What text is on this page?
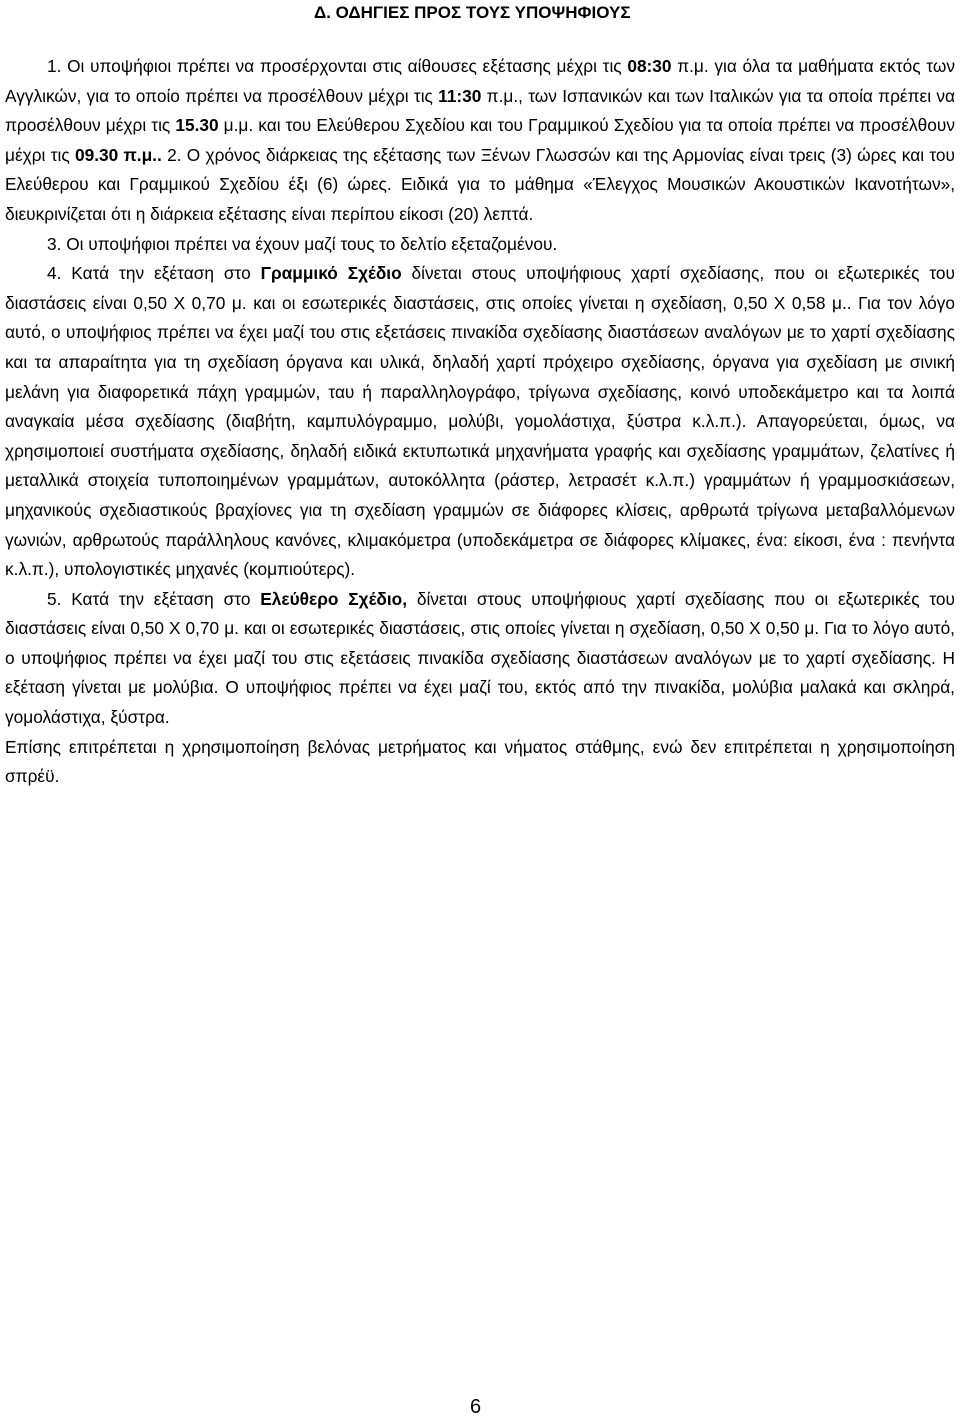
Δ. ΟΔΗΓΙΕΣ ΠΡΟΣ ΤΟΥΣ ΥΠΟΨΗΦΙΟΥΣ

1. Οι υποψήφιοι πρέπει να προσέρχονται στις αίθουσες εξέτασης μέχρι τις 08:30 π.μ. για όλα τα μαθήματα εκτός των Αγγλικών, για το οποίο πρέπει να προσέλθουν μέχρι τις 11:30 π.μ., των Ισπανικών και των Ιταλικών για τα οποία πρέπει να προσέλθουν μέχρι τις 15.30 μ.μ. και του Ελεύθερου Σχεδίου και του Γραμμικού Σχεδίου για τα οποία πρέπει να προσέλθουν μέχρι τις 09.30 π.μ.. 2. Ο χρόνος διάρκειας της εξέτασης των Ξένων Γλωσσών και της Αρμονίας είναι τρεις (3) ώρες και του Ελεύθερου και Γραμμικού Σχεδίου έξι (6) ώρες. Ειδικά για το μάθημα «Έλεγχος Μουσικών Ακουστικών Ικανοτήτων», διευκρινίζεται ότι η διάρκεια εξέτασης είναι περίπου είκοσι (20) λεπτά.

3. Οι υποψήφιοι πρέπει να έχουν μαζί τους το δελτίο εξεταζομένου.

4. Κατά την εξέταση στο Γραμμικό Σχέδιο δίνεται στους υποψήφιους χαρτί σχεδίασης, που οι εξωτερικές του διαστάσεις είναι 0,50 Χ 0,70 μ. και οι εσωτερικές διαστάσεις, στις οποίες γίνεται η σχεδίαση, 0,50 Χ 0,58 μ.. Για τον λόγο αυτό, ο υποψήφιος πρέπει να έχει μαζί του στις εξετάσεις πινακίδα σχεδίασης διαστάσεων αναλόγων με το χαρτί σχεδίασης και τα απαραίτητα για τη σχεδίαση όργανα και υλικά, δηλαδή χαρτί πρόχειρο σχεδίασης, όργανα για σχεδίαση με σινική μελάνη για διαφορετικά πάχη γραμμών, ταυ ή παραλληλογράφο, τρίγωνα σχεδίασης, κοινό υποδεκάμετρο και τα λοιπά αναγκαία μέσα σχεδίασης (διαβήτη, καμπυλόγραμμο, μολύβι, γομολάστιχα, ξύστρα κ.λ.π.). Απαγορεύεται, όμως, να χρησιμοποιεί συστήματα σχεδίασης, δηλαδή ειδικά εκτυπωτικά μηχανήματα γραφής και σχεδίασης γραμμάτων, ζελατίνες ή μεταλλικά στοιχεία τυποποιημένων γραμμάτων, αυτοκόλλητα (ράστερ, λετρασέτ κ.λ.π.) γραμμάτων ή γραμμοσκιάσεων, μηχανικούς σχεδιαστικούς βραχίονες για τη σχεδίαση γραμμών σε διάφορες κλίσεις, αρθρωτά τρίγωνα μεταβαλλόμενων γωνιών, αρθρωτούς παράλληλους κανόνες, κλιμακόμετρα (υποδεκάμετρα σε διάφορες κλίμακες, ένα: είκοσι, ένα : πενήντα κ.λ.π.), υπολογιστικές μηχανές (κομπιούτερς).

5. Κατά την εξέταση στο Ελεύθερο Σχέδιο, δίνεται στους υποψήφιους χαρτί σχεδίασης που οι εξωτερικές του διαστάσεις είναι 0,50 Χ 0,70 μ. και οι εσωτερικές διαστάσεις, στις οποίες γίνεται η σχεδίαση, 0,50 Χ 0,50 μ. Για το λόγο αυτό, ο υποψήφιος πρέπει να έχει μαζί του στις εξετάσεις πινακίδα σχεδίασης διαστάσεων αναλόγων με το χαρτί σχεδίασης. Η εξέταση γίνεται με μολύβια. Ο υποψήφιος πρέπει να έχει μαζί του, εκτός από την πινακίδα, μολύβια μαλακά και σκληρά, γομολάστιχα, ξύστρα.

Επίσης επιτρέπεται η χρησιμοποίηση βελόνας μετρήματος και νήματος στάθμης, ενώ δεν επιτρέπεται η χρησιμοποίηση σπρέϋ.

6
